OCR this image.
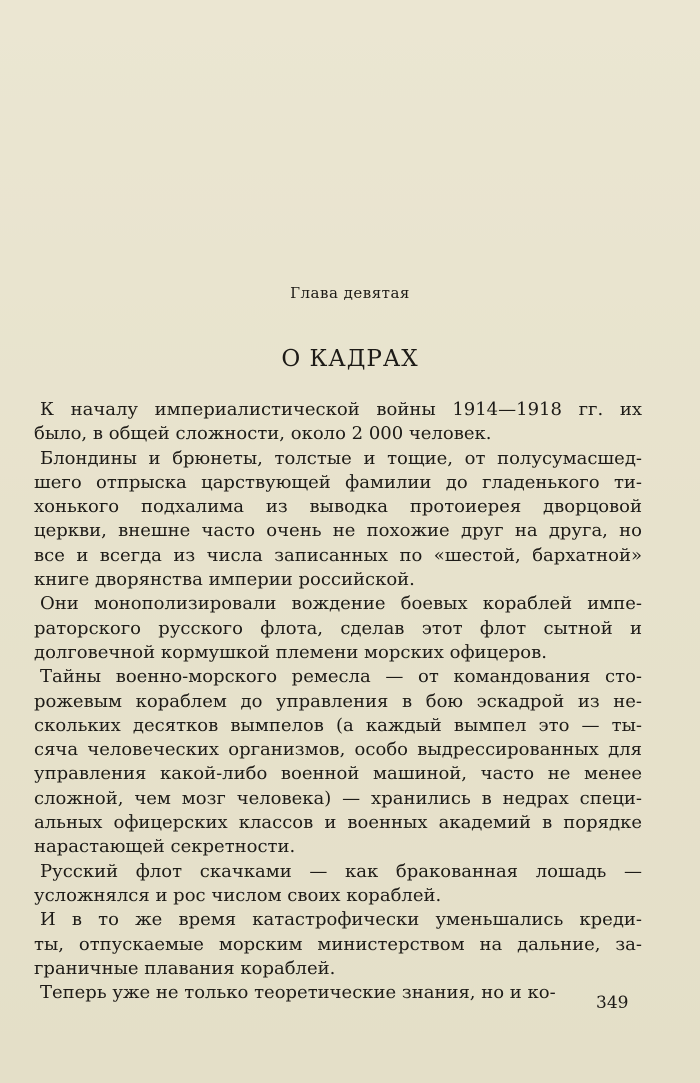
Глава девятая
О КАДРАХ
К началу империалистической войны 1914—1918 гг. их
было, в общей сложности, около 2 000 человек.
Блондины и брюнеты, толстые и тощие, от полусумасшед-
шего отпрыска царствующей фамилии до гладенького ти-
хонького подхалима из выводка протоиерея дворцовой
церкви, внешне часто очень не похожие друг на друга, но
все и всегда из числа записанных по «шестой, бархатной»
книге дворянства империи российской.
Они монополизировали вождение боевых кораблей импе-
раторского русского флота, сделав этот флот сытной и
долговечной кормушкой племени морских офицеров.
Тайны военно-морского ремесла — от командования сто-
рожевым кораблем до управления в бою эскадрой из не-
скольких десятков вымпелов (а каждый вымпел это — ты-
сяча человеческих организмов, особо выдрессированных для
управления какой-либо военной машиной, часто не менее
сложной, чем мозг человека) — хранились в недрах специ-
альных офицерских классов и военных академий в порядке
нарастающей секретности.
Русский флот скачками — как бракованная лошадь —
усложнялся и рос числом своих кораблей.
И в то же время катастрофически уменьшались креди-
ты, отпускаемые морским министерством на дальние, за-
граничные плавания кораблей.
Теперь уже не только теоретические знания, но и ко-	349
